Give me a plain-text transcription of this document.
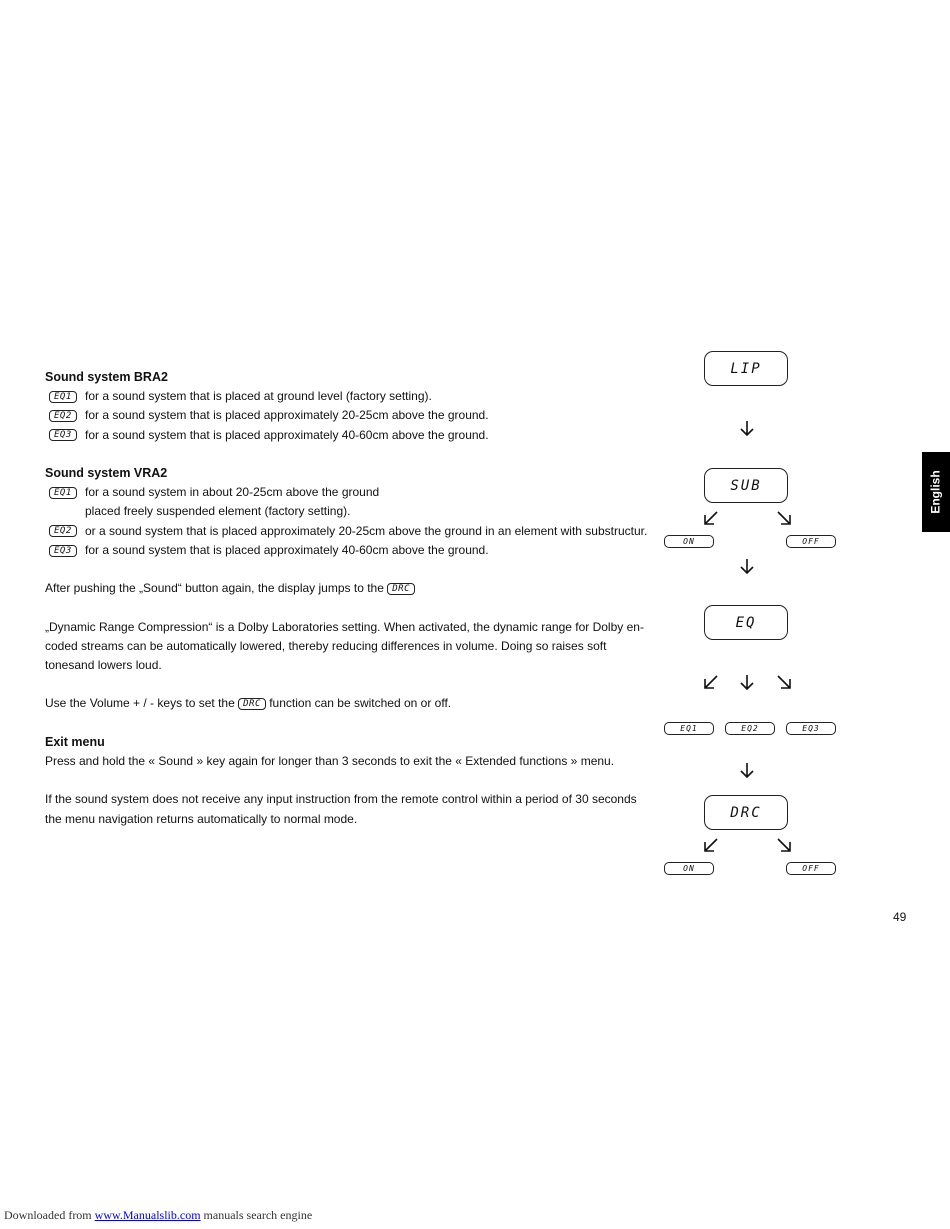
Sound system BRA2
EQ1 for a sound system that is placed at ground level (factory setting).
EQ2 for a sound system that is placed approximately 20-25cm above the ground.
EQ3 for a sound system that is placed approximately 40-60cm above the ground.
Sound system VRA2
EQ1 for a sound system in about 20-25cm above the ground
placed freely suspended element (factory setting).
EQ2 or a sound system that is placed approximately 20-25cm above the ground in an element with substructur.
EQ3 for a sound system that is placed approximately 40-60cm above the ground.
After pushing the „Sound“ button again, the display jumps to the DRC
„Dynamic Range Compression“ is a Dolby Laboratories setting. When activated, the dynamic range for Dolby en- coded streams can be automatically lowered, thereby reducing differences in volume. Doing so raises soft tonesand lowers loud.
Use the Volume + / - keys to set the DRC function can be switched on or off.
Exit menu
Press and hold the « Sound » key again for longer than 3 seconds to exit the « Extended functions » menu.
If the sound system does not receive any input instruction from the remote control within a period of 30 seconds the menu navigation returns automatically to normal mode.
LIP
SUB
ON	OFF
EQ
EQ1	EQ2	EQ3
DRC
ON	OFF
English
49
Downloaded from www.Manualslib.com manuals search engine
